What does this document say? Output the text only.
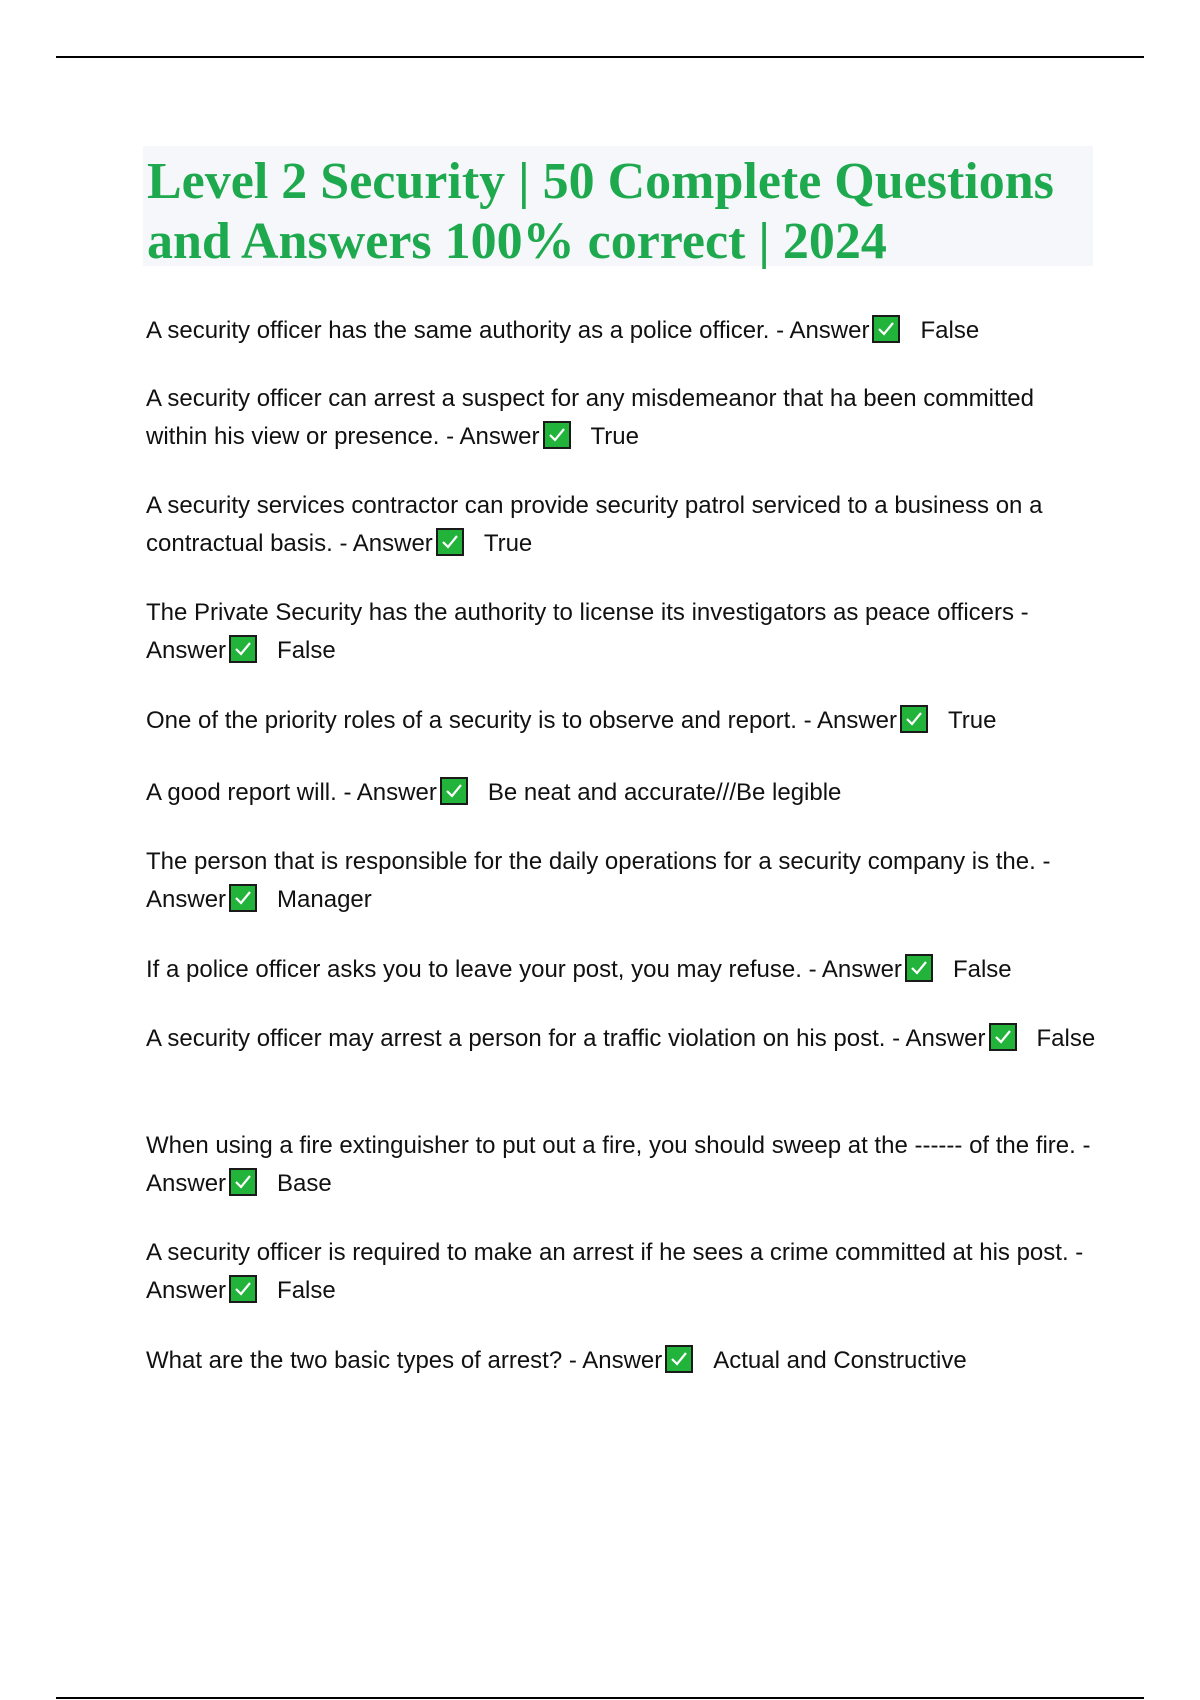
Level 2 Security | 50 Complete Questions and Answers 100% correct | 2024
A security officer has the same authority as a police officer. - Answer False
A security officer can arrest a suspect for any misdemeanor that ha been committed within his view or presence. - Answer True
A security services contractor can provide security patrol serviced to a business on a contractual basis. - Answer True
The Private Security has the authority to license its investigators as peace officers - Answer False
One of the priority roles of a security is to observe and report. - Answer True
A good report will. - Answer Be neat and accurate///Be legible
The person that is responsible for the daily operations for a security company is the. - Answer Manager
If a police officer asks you to leave your post, you may refuse. - Answer False
A security officer may arrest a person for a traffic violation on his post. - Answer False
When using a fire extinguisher to put out a fire, you should sweep at the ------ of the fire. - Answer Base
A security officer is required to make an arrest if he sees a crime committed at his post. - Answer False
What are the two basic types of arrest? - Answer Actual and Constructive
